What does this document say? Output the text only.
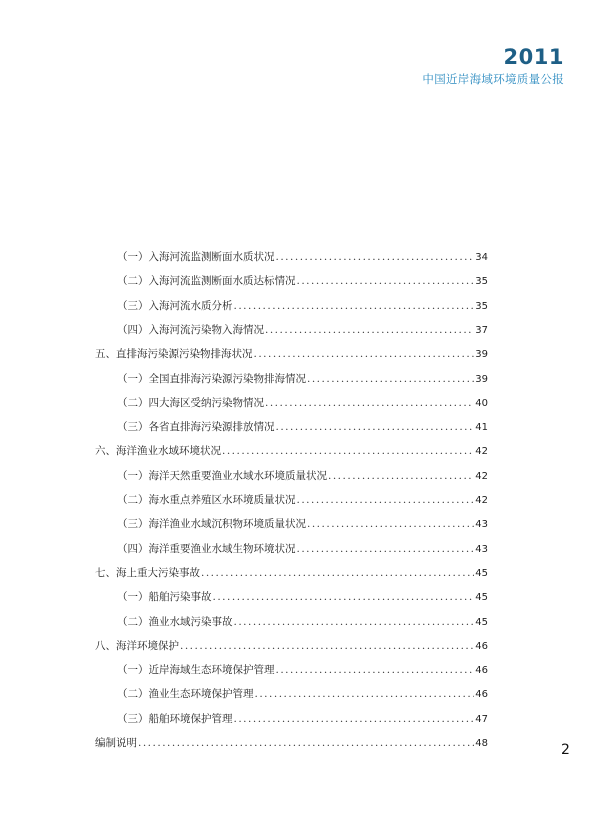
2011
中国近岸海域环境质量公报
（一）入海河流监测断面水质状况 .....	34
（二）入海河流监测断面水质达标情况 .....	35
（三）入海河流水质分析 .....	35
（四）入海河流污染物入海情况 .....	37
五、直排海污染源污染物排海状况 .....	39
（一）全国直排海污染源污染物排海情况 .....	39
（二）四大海区受纳污染物情况 .....	40
（三）各省直排海污染源排放情况 .....	41
六、海洋渔业水域环境状况 .....	42
（一）海洋天然重要渔业水域水环境质量状况 .....	42
（二）海水重点养殖区水环境质量状况 .....	42
（三）海洋渔业水域沉积物环境质量状况 .....	43
（四）海洋重要渔业水域生物环境状况 .....	43
七、海上重大污染事故 .....	45
（一）船舶污染事故 .....	45
（二）渔业水域污染事故 .....	45
八、海洋环境保护 .....	46
（一）近岸海域生态环境保护管理 .....	46
（二）渔业生态环境保护管理 .....	46
（三）船舶环境保护管理 .....	47
编制说明 .....	48	2
